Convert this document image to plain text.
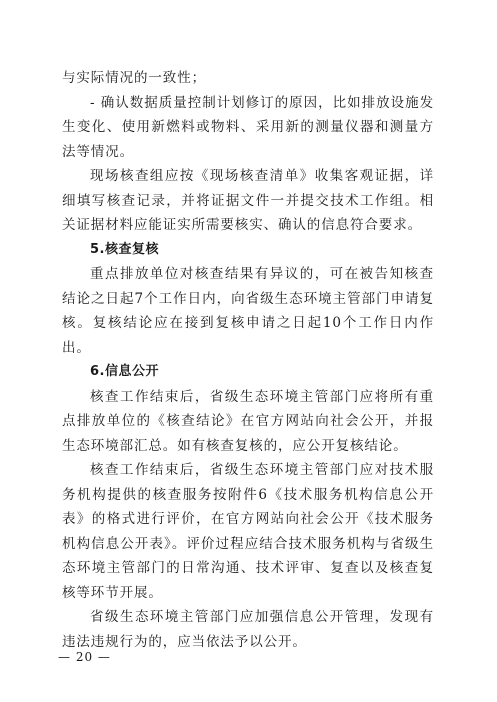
与实际情况的一致性；

- 确认数据质量控制计划修订的原因，比如排放设施发生变化、使用新燃料或物料、采用新的测量仪器和测量方法等情况。

现场核查组应按《现场核查清单》收集客观证据，详细填写核查记录，并将证据文件一并提交技术工作组。相关证据材料应能证实所需要核实、确认的信息符合要求。

5.核查复核

重点排放单位对核查结果有异议的，可在被告知核查结论之日起7个工作日内，向省级生态环境主管部门申请复核。复核结论应在接到复核申请之日起10个工作日内作出。

6.信息公开

核查工作结束后，省级生态环境主管部门应将所有重点排放单位的《核查结论》在官方网站向社会公开，并报生态环境部汇总。如有核查复核的，应公开复核结论。

核查工作结束后，省级生态环境主管部门应对技术服务机构提供的核查服务按附件6《技术服务机构信息公开表》的格式进行评价，在官方网站向社会公开《技术服务机构信息公开表》。评价过程应结合技术服务机构与省级生态环境主管部门的日常沟通、技术评审、复查以及核查复核等环节开展。

省级生态环境主管部门应加强信息公开管理，发现有违法违规行为的，应当依法予以公开。

— 20 —
